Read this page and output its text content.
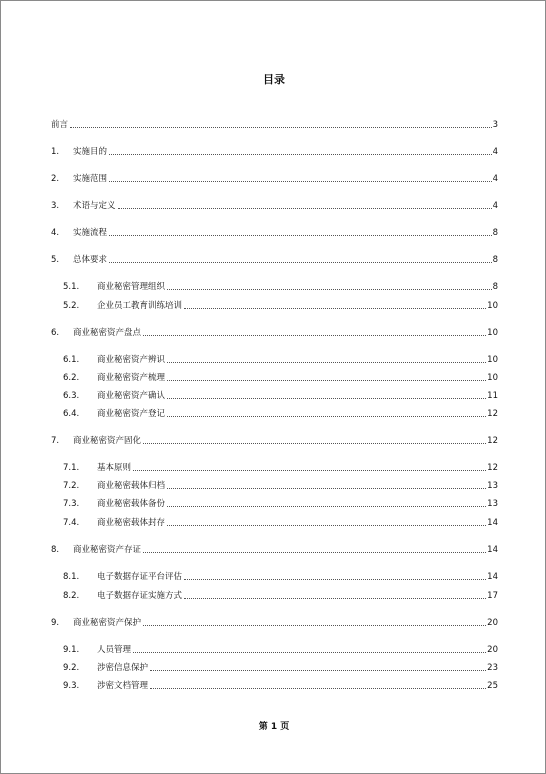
目录
前言	3
1.	实施目的	4
2.	实施范围	4
3.	术语与定义	4
4.	实施流程	8
5.	总体要求	8
5.1.	商业秘密管理组织	8
5.2.	企业员工教育训练培训	10
6.	商业秘密资产盘点	10
6.1.	商业秘密资产辨识	10
6.2.	商业秘密资产梳理	10
6.3.	商业秘密资产确认	11
6.4.	商业秘密资产登记	12
7.	商业秘密资产固化	12
7.1.	基本原则	12
7.2.	商业秘密载体归档	13
7.3.	商业秘密载体备份	13
7.4.	商业秘密载体封存	14
8.	商业秘密资产存证	14
8.1.	电子数据存证平台评估	14
8.2.	电子数据存证实施方式	17
9.	商业秘密资产保护	20
9.1.	人员管理	20
9.2.	涉密信息保护	23
9.3.	涉密文档管理	25
第 1 页
